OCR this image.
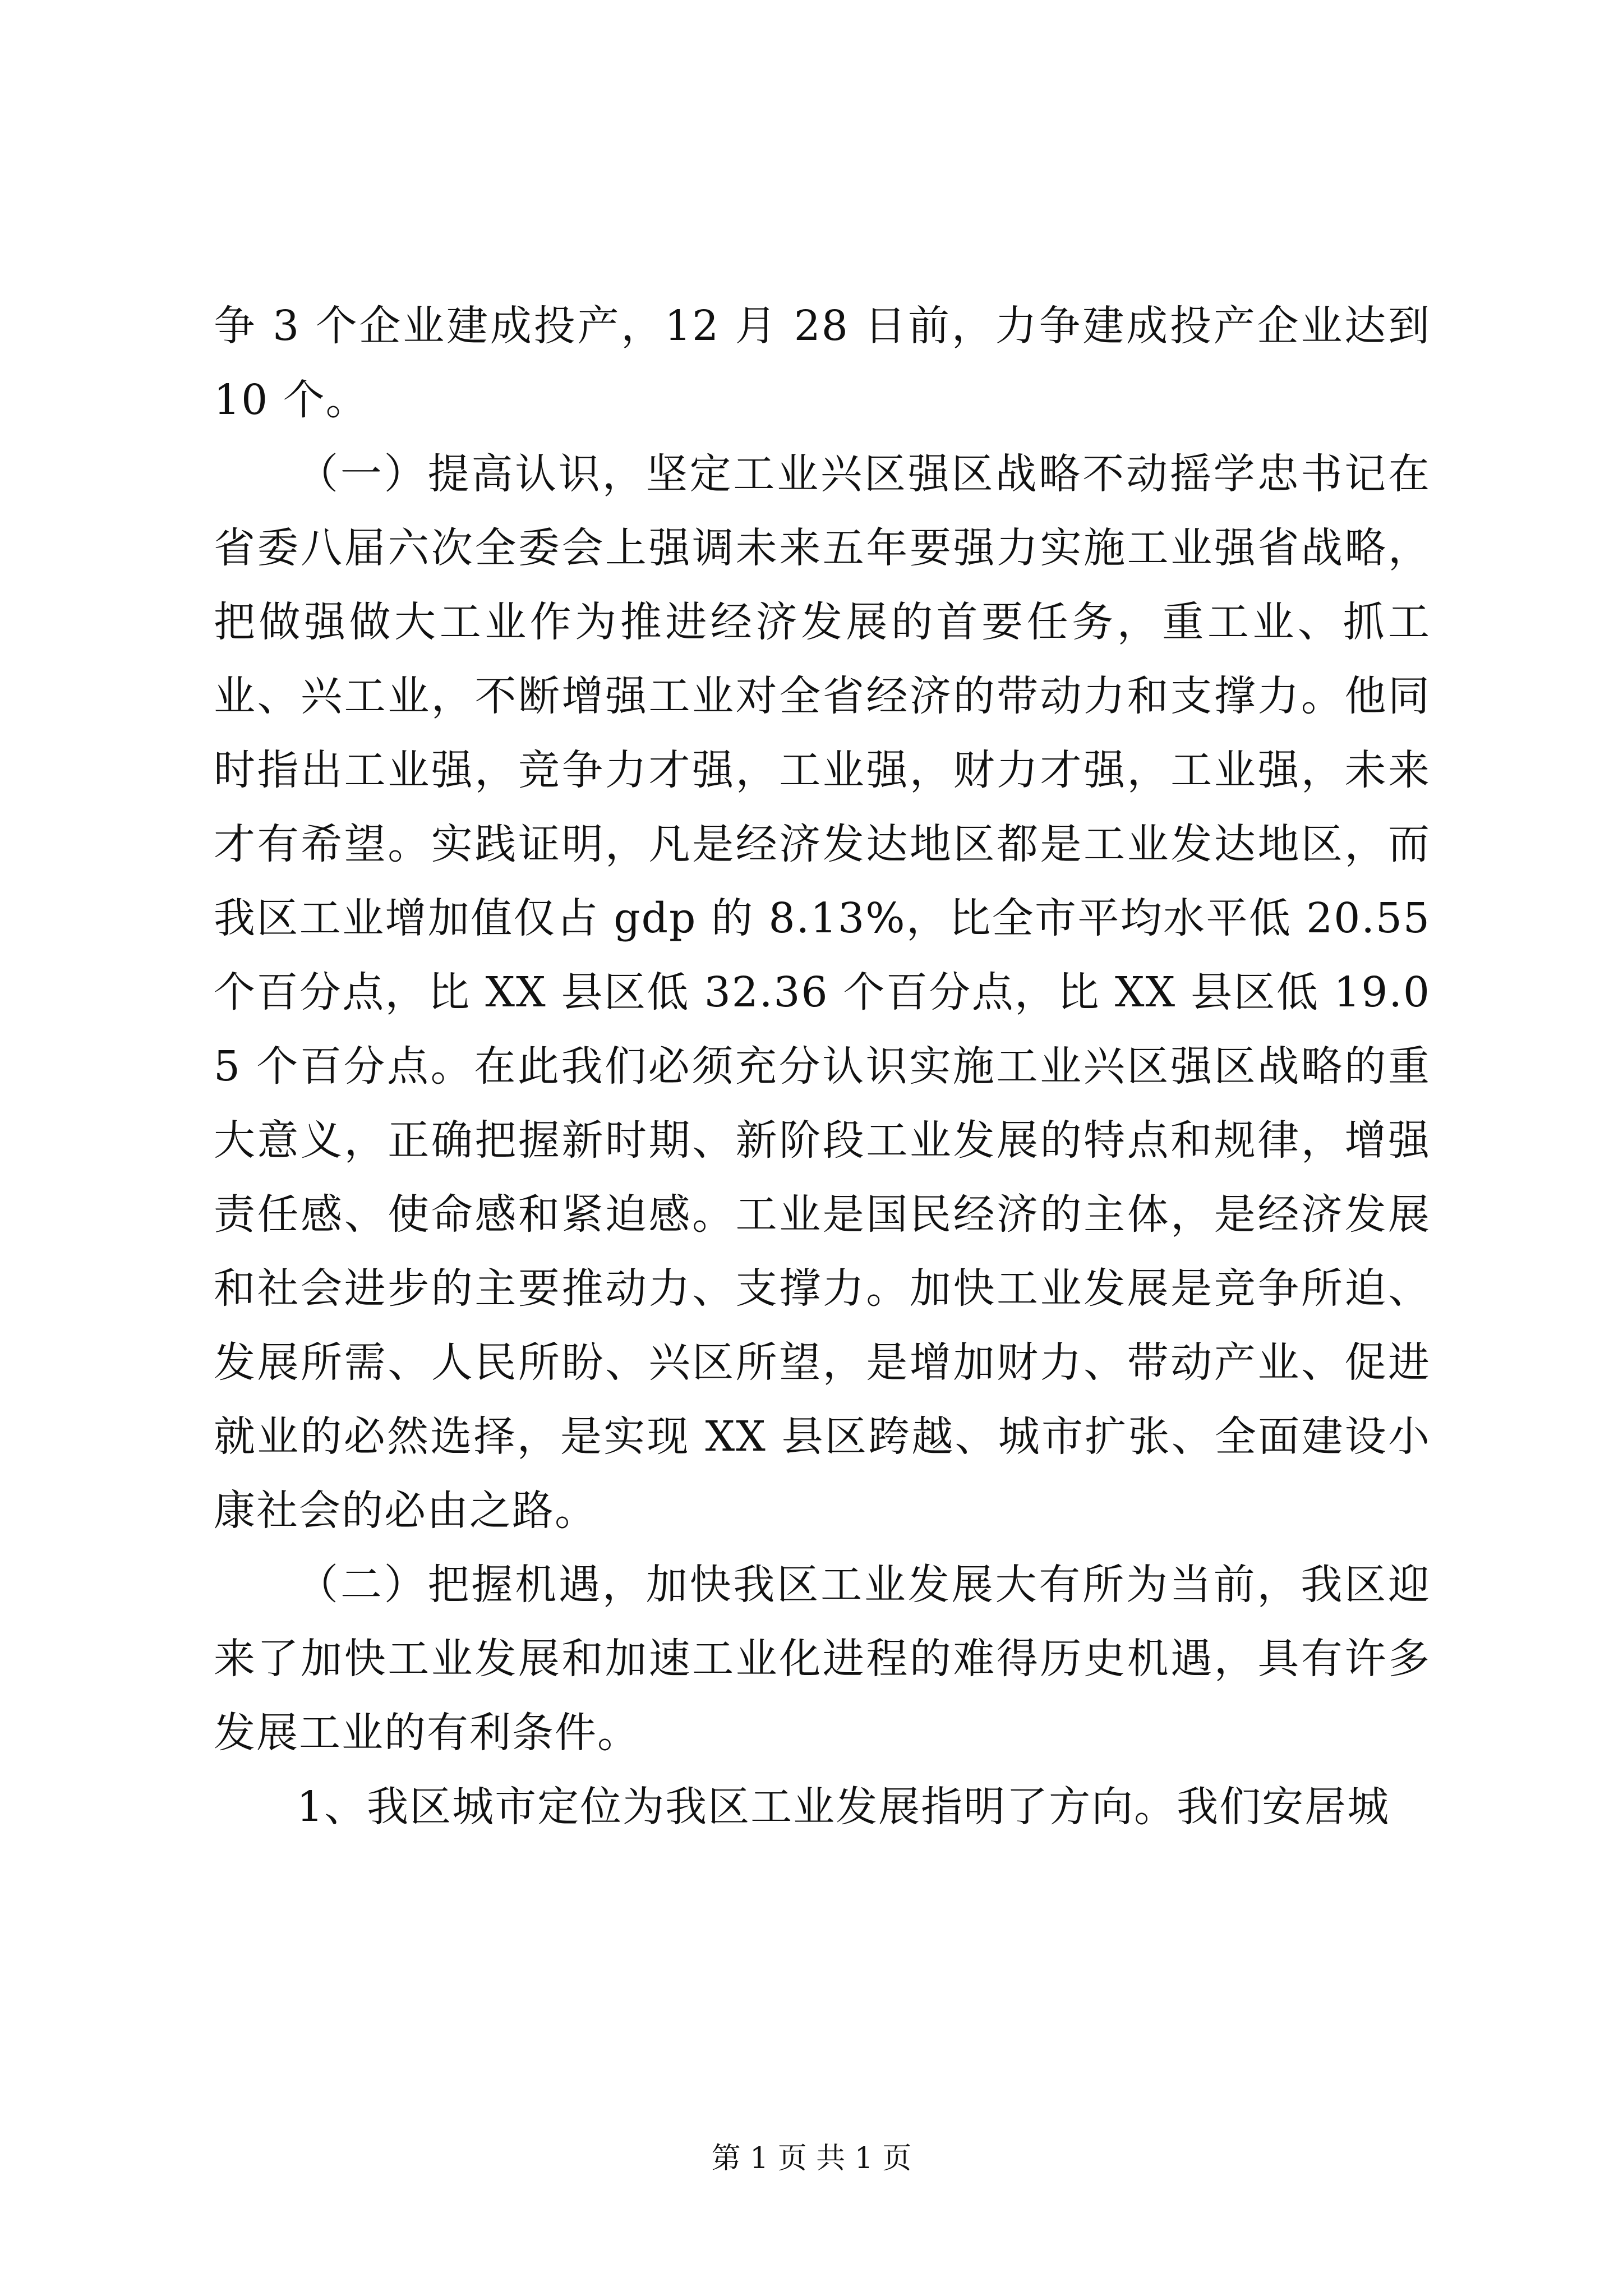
争 3 个企业建成投产，12 月 28 日前，力争建成投产企业达到 10 个。

（一）提高认识，坚定工业兴区强区战略不动摇学忠书记在省委八届六次全委会上强调未来五年要强力实施工业强省战略，把做强做大工业作为推进经济发展的首要任务，重工业、抓工业、兴工业，不断增强工业对全省经济的带动力和支撑力。他同时指出工业强，竞争力才强，工业强，财力才强，工业强，未来才有希望。实践证明，凡是经济发达地区都是工业发达地区，而我区工业增加值仅占 gdp 的 8.13%，比全市平均水平低 20.55 个百分点，比 XX 县区低 32.36 个百分点，比 XX 县区低 19.05 个百分点。在此我们必须充分认识实施工业兴区强区战略的重大意义，正确把握新时期、新阶段工业发展的特点和规律，增强责任感、使命感和紧迫感。工业是国民经济的主体，是经济发展和社会进步的主要推动力、支撑力。加快工业发展是竞争所迫、发展所需、人民所盼、兴区所望，是增加财力、带动产业、促进就业的必然选择，是实现 XX 县区跨越、城市扩张、全面建设小康社会的必由之路。

（二）把握机遇，加快我区工业发展大有所为当前，我区迎来了加快工业发展和加速工业化进程的难得历史机遇，具有许多发展工业的有利条件。

1、我区城市定位为我区工业发展指明了方向。我们安居城

第 1 页 共 1 页
